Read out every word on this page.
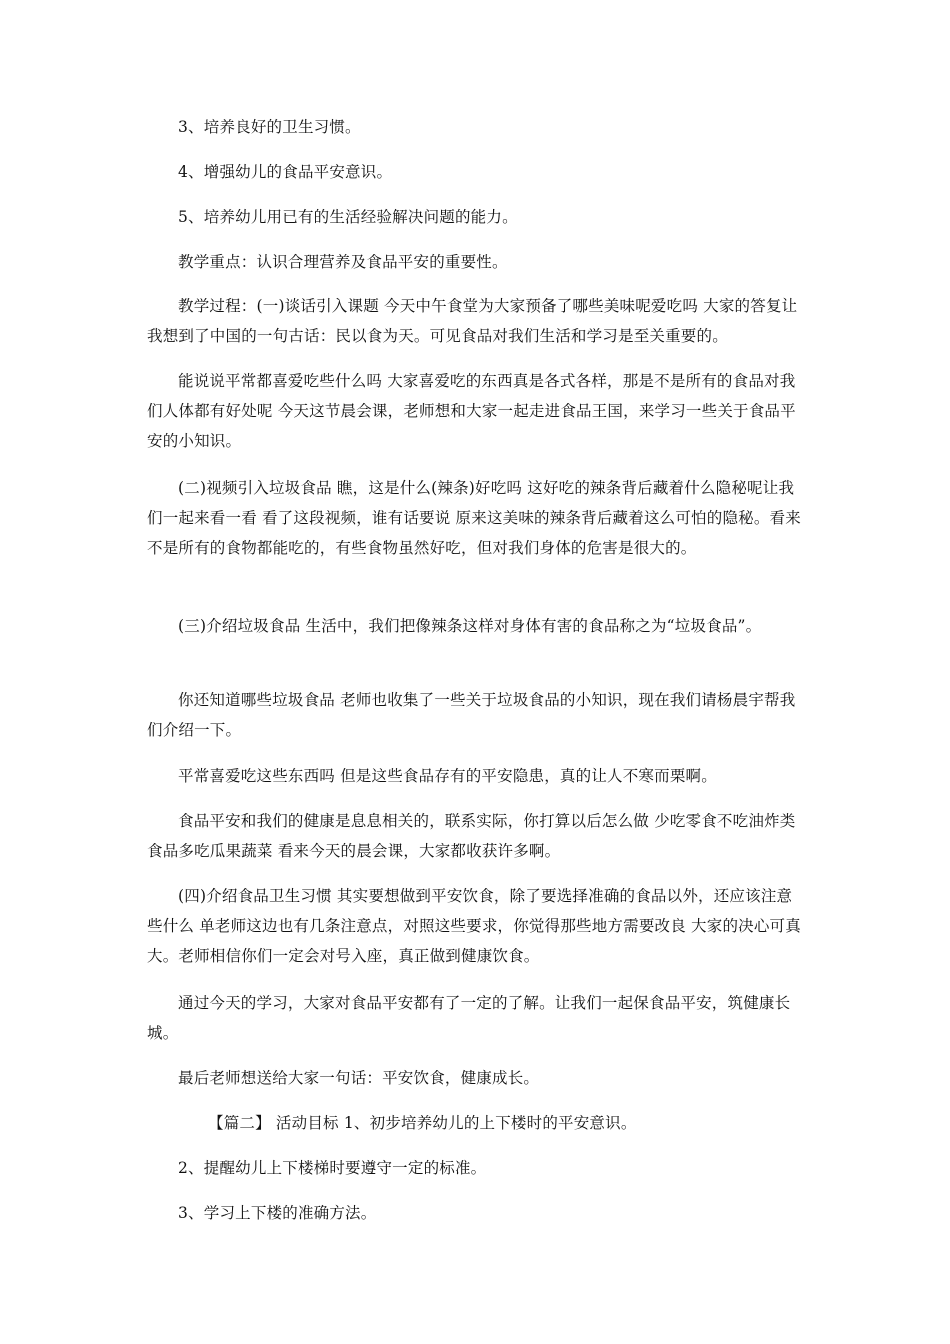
3、培养良好的卫生习惯。

4、增强幼儿的食品平安意识。

5、培养幼儿用已有的生活经验解决问题的能力。

教学重点：认识合理营养及食品平安的重要性。

教学过程：(一)谈话引入课题 今天中午食堂为大家预备了哪些美味呢爱吃吗 大家的答复让我想到了中国的一句古话：民以食为天。可见食品对我们生活和学习是至关重要的。

能说说平常都喜爱吃些什么吗 大家喜爱吃的东西真是各式各样，那是不是所有的食品对我们人体都有好处呢 今天这节晨会课，老师想和大家一起走进食品王国，来学习一些关于食品平安的小知识。

(二)视频引入垃圾食品 瞧，这是什么(辣条)好吃吗 这好吃的辣条背后藏着什么隐秘呢让我们一起来看一看 看了这段视频，谁有话要说 原来这美味的辣条背后藏着这么可怕的隐秘。看来不是所有的食物都能吃的，有些食物虽然好吃，但对我们身体的危害是很大的。

(三)介绍垃圾食品 生活中，我们把像辣条这样对身体有害的食品称之为“垃圾食品”。

你还知道哪些垃圾食品 老师也收集了一些关于垃圾食品的小知识，现在我们请杨晨宇帮我们介绍一下。

平常喜爱吃这些东西吗 但是这些食品存有的平安隐患，真的让人不寒而栗啊。

食品平安和我们的健康是息息相关的，联系实际，你打算以后怎么做 少吃零食不吃油炸类食品多吃瓜果蔬菜 看来今天的晨会课，大家都收获许多啊。

(四)介绍食品卫生习惯 其实要想做到平安饮食，除了要选择准确的食品以外，还应该注意些什么 单老师这边也有几条注意点，对照这些要求，你觉得那些地方需要改良 大家的决心可真大。老师相信你们一定会对号入座，真正做到健康饮食。

通过今天的学习，大家对食品平安都有了一定的了解。让我们一起保食品平安，筑健康长城。

最后老师想送给大家一句话：平安饮食，健康成长。

【篇二】 活动目标 1、初步培养幼儿的上下楼时的平安意识。

2、提醒幼儿上下楼梯时要遵守一定的标准。

3、学习上下楼的准确方法。
